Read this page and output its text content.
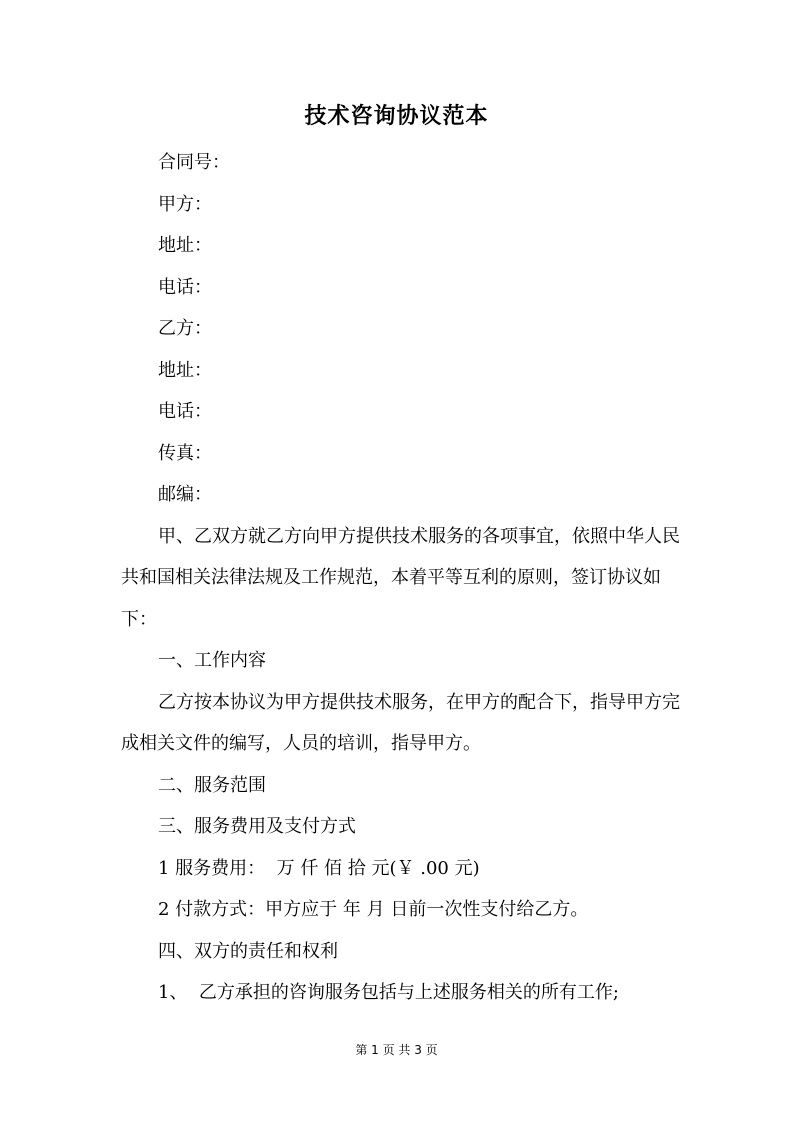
技术咨询协议范本

合同号：

甲方：

地址：

电话：

乙方：

地址：

电话：

传真：

邮编：

甲、乙双方就乙方向甲方提供技术服务的各项事宜，依照中华人民共和国相关法律法规及工作规范，本着平等互利的原则，签订协议如下：

一、工作内容

乙方按本协议为甲方提供技术服务，在甲方的配合下，指导甲方完成相关文件的编写，人员的培训，指导甲方。

二、服务范围

三、服务费用及支付方式

1 服务费用：  万 仟 佰 拾 元(￥ .00 元)

2 付款方式：甲方应于 年 月 日前一次性支付给乙方。

四、双方的责任和权利

1、  乙方承担的咨询服务包括与上述服务相关的所有工作;

第 1 页 共 3 页
